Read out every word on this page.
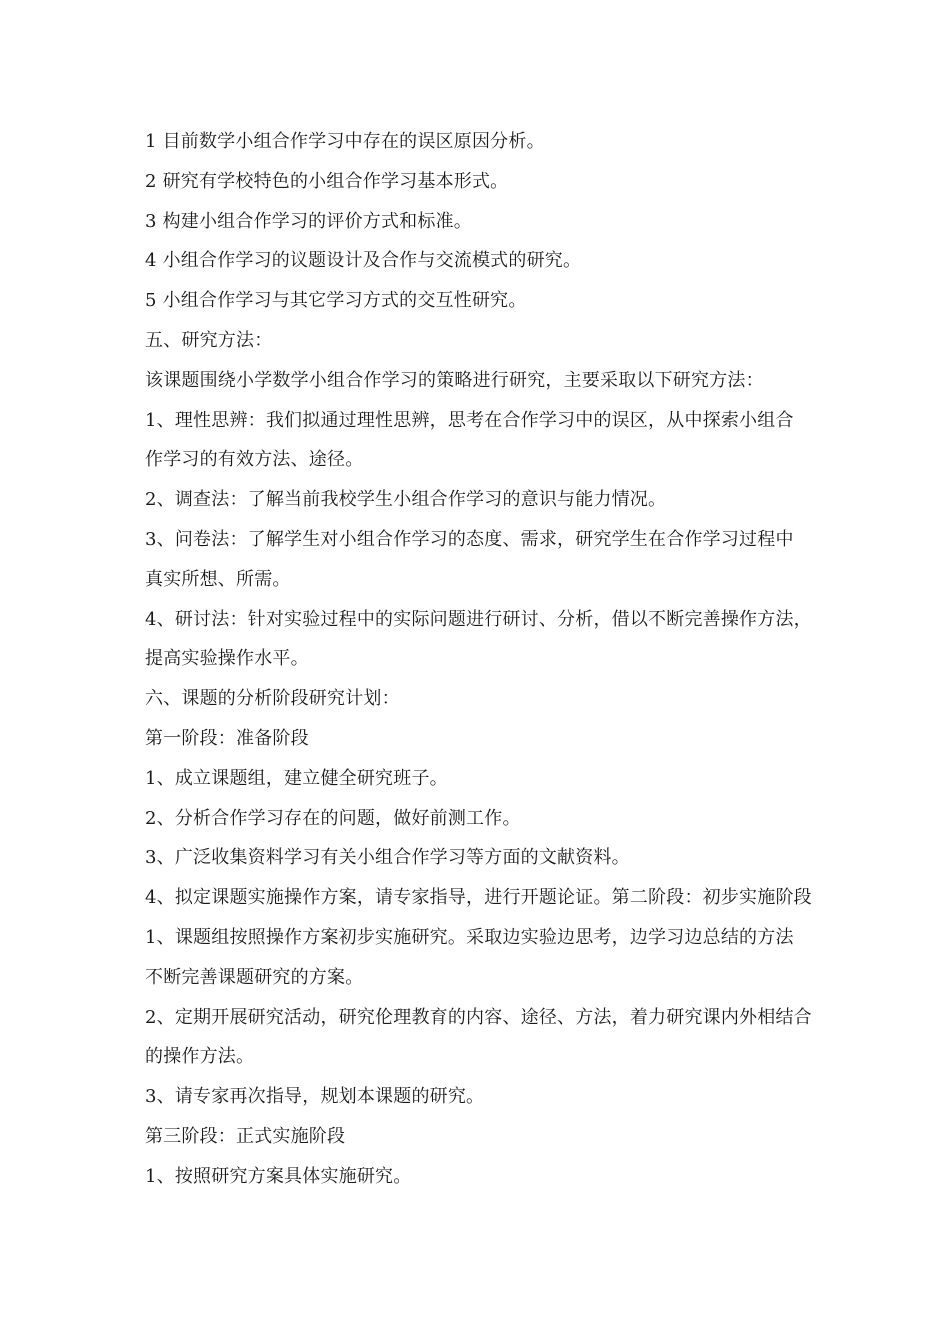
1 目前数学小组合作学习中存在的误区原因分析。
2 研究有学校特色的小组合作学习基本形式。
3 构建小组合作学习的评价方式和标准。
4 小组合作学习的议题设计及合作与交流模式的研究。
5 小组合作学习与其它学习方式的交互性研究。
五、研究方法：
该课题围绕小学数学小组合作学习的策略进行研究，主要采取以下研究方法：
1、理性思辨：我们拟通过理性思辨，思考在合作学习中的误区，从中探索小组合
作学习的有效方法、途径。
2、调查法：了解当前我校学生小组合作学习的意识与能力情况。
3、问卷法：了解学生对小组合作学习的态度、需求，研究学生在合作学习过程中
真实所想、所需。
4、研讨法：针对实验过程中的实际问题进行研讨、分析，借以不断完善操作方法，
提高实验操作水平。
六、课题的分析阶段研究计划：
第一阶段：准备阶段
1、成立课题组，建立健全研究班子。
2、分析合作学习存在的问题，做好前测工作。
3、广泛收集资料学习有关小组合作学习等方面的文献资料。
4、拟定课题实施操作方案，请专家指导，进行开题论证。第二阶段：初步实施阶段
1、课题组按照操作方案初步实施研究。采取边实验边思考，边学习边总结的方法
不断完善课题研究的方案。
2、定期开展研究活动，研究伦理教育的内容、途径、方法，着力研究课内外相结合
的操作方法。
3、请专家再次指导，规划本课题的研究。
第三阶段：正式实施阶段
1、按照研究方案具体实施研究。
